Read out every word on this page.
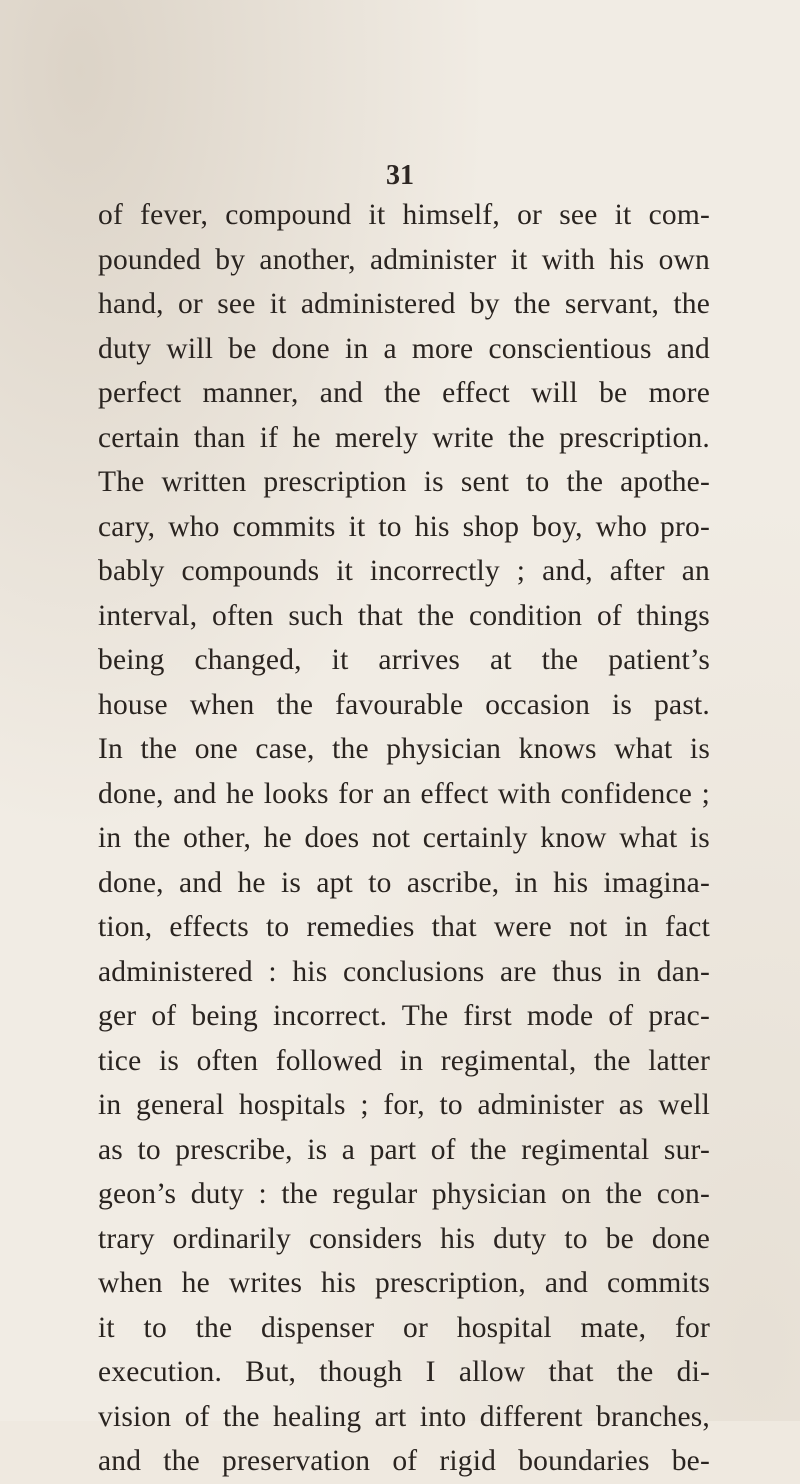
31
of fever, compound it himself, or see it com-
pounded by another, administer it with his own
hand, or see it administered by the servant, the
duty will be done in a more conscientious and
perfect manner, and the effect will be more
certain than if he merely write the prescription.
The written prescription is sent to the apothe-
cary, who commits it to his shop boy, who pro-
bably compounds it incorrectly ; and, after an
interval, often such that the condition of things
being changed, it arrives at the patient’s
house when the favourable occasion is past.
In the one case, the physician knows what is
done, and he looks for an effect with confidence ;
in the other, he does not certainly know what is
done, and he is apt to ascribe, in his imagina-
tion, effects to remedies that were not in fact
administered : his conclusions are thus in dan-
ger of being incorrect. The first mode of prac-
tice is often followed in regimental, the latter
in general hospitals ; for, to administer as well
as to prescribe, is a part of the regimental sur-
geon’s duty : the regular physician on the con-
trary ordinarily considers his duty to be done
when he writes his prescription, and commits
it to the dispenser or hospital mate, for
execution. But, though I allow that the di-
vision of the healing art into different branches,
and the preservation of rigid boundaries be-
